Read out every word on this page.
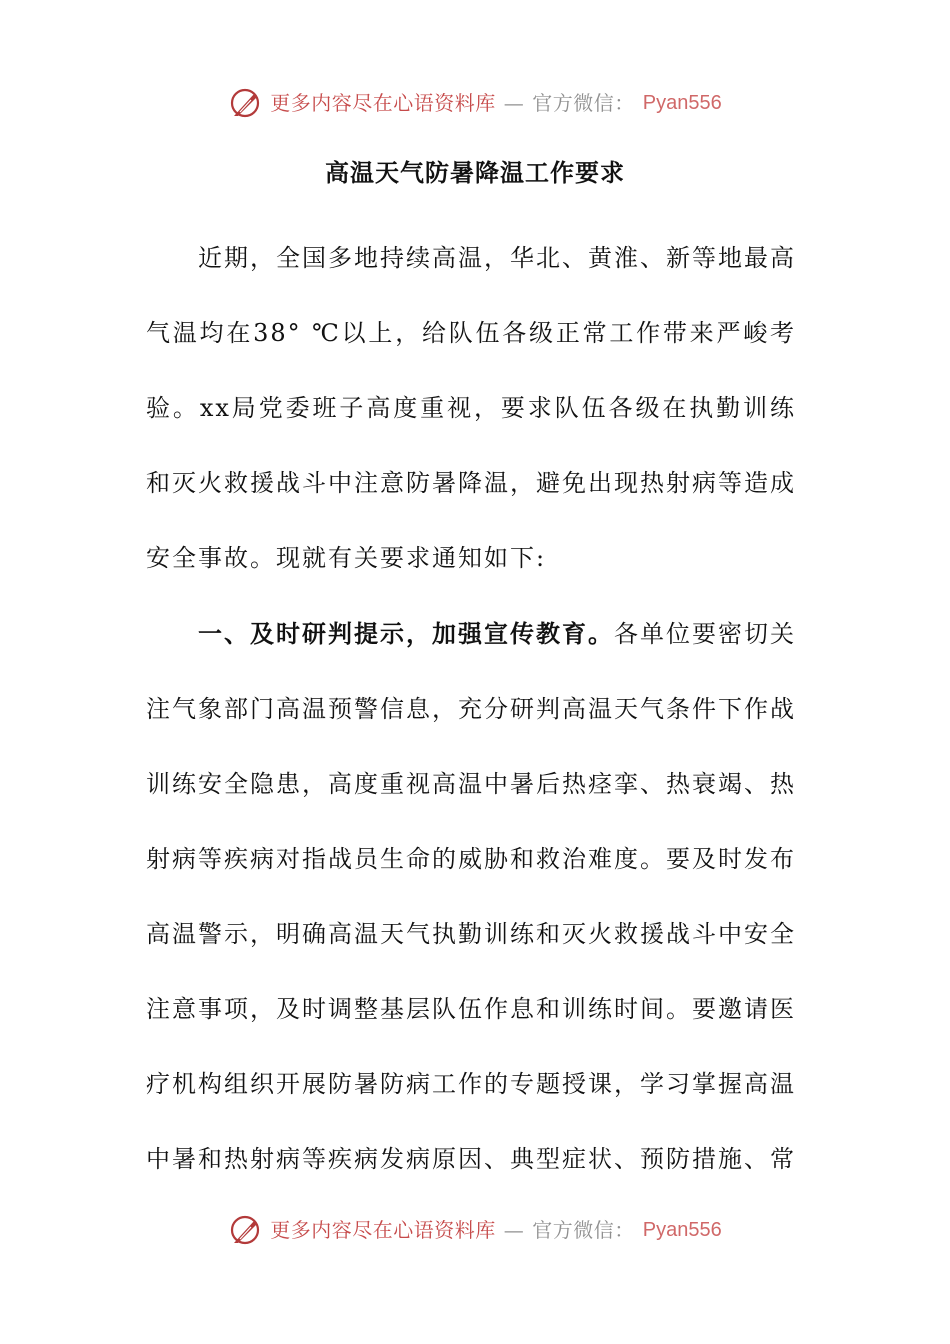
更多内容尽在心语资料库 — 官方微信： Pyan556
高温天气防暑降温工作要求

近期，全国多地持续高温，华北、黄淮、新等地最高气温均在38° ℃以上，给队伍各级正常工作带来严峻考验。xx局党委班子高度重视，要求队伍各级在执勤训练和灭火救援战斗中注意防暑降温，避免出现热射病等造成安全事故。现就有关要求通知如下:

一、及时研判提示，加强宣传教育。各单位要密切关注气象部门高温预警信息，充分研判高温天气条件下作战训练安全隐患，高度重视高温中暑后热痉挛、热衰竭、热射病等疾病对指战员生命的威胁和救治难度。要及时发布高温警示，明确高温天气执勤训练和灭火救援战斗中安全注意事项，及时调整基层队伍作息和训练时间。要邀请医疗机构组织开展防暑防病工作的专题授课，学习掌握高温中暑和热射病等疾病发病原因、典型症状、预防措施、常

更多内容尽在心语资料库 — 官方微信： Pyan556
